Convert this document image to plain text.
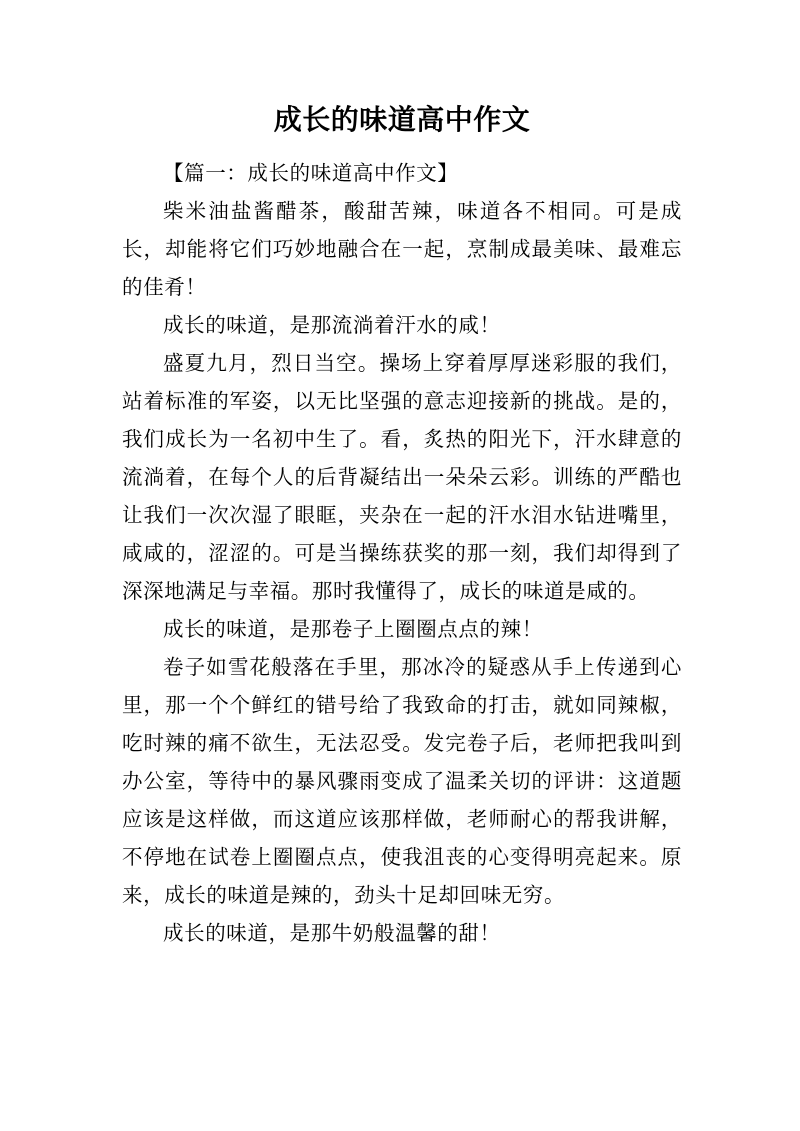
成长的味道高中作文

【篇一：成长的味道高中作文】

柴米油盐酱醋茶，酸甜苦辣，味道各不相同。可是成长，却能将它们巧妙地融合在一起，烹制成最美味、最难忘的佳肴！

成长的味道，是那流淌着汗水的咸！

盛夏九月，烈日当空。操场上穿着厚厚迷彩服的我们，站着标准的军姿，以无比坚强的意志迎接新的挑战。是的，我们成长为一名初中生了。看，炙热的阳光下，汗水肆意的流淌着，在每个人的后背凝结出一朵朵云彩。训练的严酷也让我们一次次湿了眼眶，夹杂在一起的汗水泪水钻进嘴里，咸咸的，涩涩的。可是当操练获奖的那一刻，我们却得到了深深地满足与幸福。那时我懂得了，成长的味道是咸的。

成长的味道，是那卷子上圈圈点点的辣！

卷子如雪花般落在手里，那冰冷的疑惑从手上传递到心里，那一个个鲜红的错号给了我致命的打击，就如同辣椒，吃时辣的痛不欲生，无法忍受。发完卷子后，老师把我叫到办公室，等待中的暴风骤雨变成了温柔关切的评讲：这道题应该是这样做，而这道应该那样做，老师耐心的帮我讲解，不停地在试卷上圈圈点点，使我沮丧的心变得明亮起来。原来，成长的味道是辣的，劲头十足却回味无穷。

成长的味道，是那牛奶般温馨的甜！
